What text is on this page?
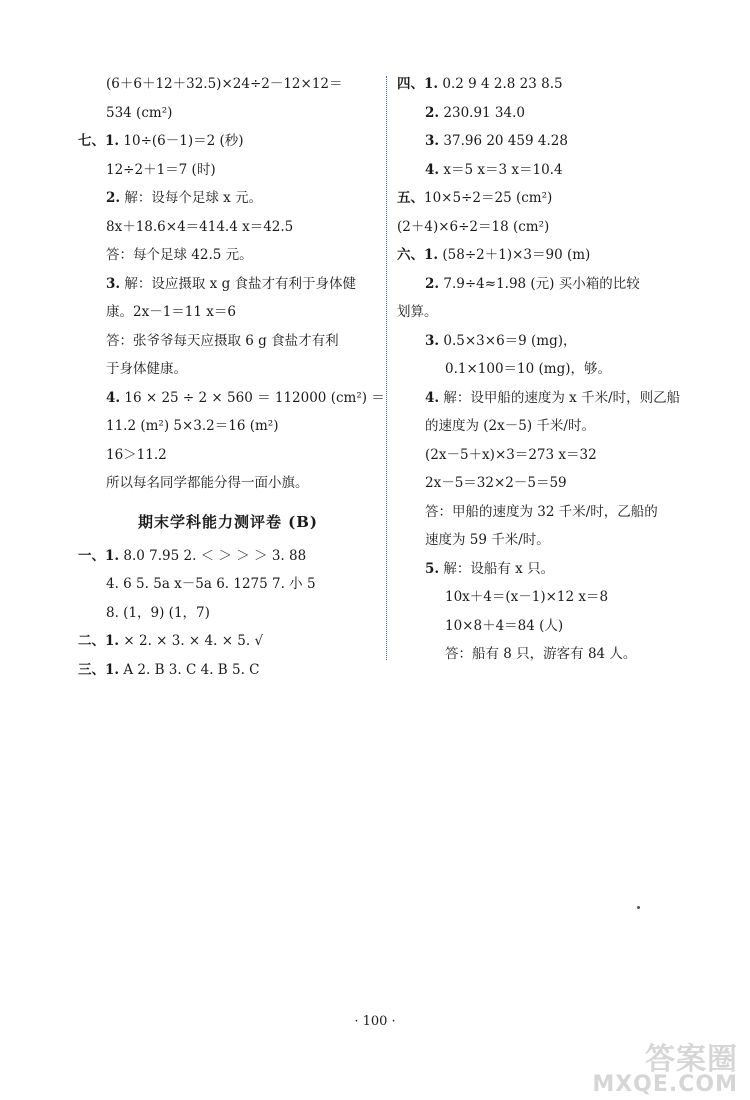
(6＋6＋12＋32.5)×24÷2－12×12＝
534 (cm²)
七、1. 10÷(6－1)＝2 (秒)
12÷2＋1＝7 (时)
2. 解：设每个足球 x 元。
8x＋18.6×4＝414.4 x＝42.5
答：每个足球 42.5 元。
3. 解：设应摄取 x g 食盐才有利于身体健
康。2x－1＝11 x＝6
答：张爷爷每天应摄取 6 g 食盐才有利
于身体健康。
4. 16 × 25 ÷ 2 × 560 ＝ 112000 (cm²) ＝
11.2 (m²) 5×3.2＝16 (m²)
16＞11.2
所以每名同学都能分得一面小旗。
期末学科能力测评卷 (B)
一、1. 8.0 7.95 2. ＜ ＞ ＞ ＞ 3. 88
4. 6 5. 5a x－5a 6. 1275 7. 小 5
8. (1，9) (1，7)
二、1. × 2. × 3. × 4. × 5. √
三、1. A 2. B 3. C 4. B 5. C
四、1. 0.2 9 4 2.8 23 8.5
2. 230.91 34.0
3. 37.96 20 459 4.28
4. x＝5 x＝3 x＝10.4
五、10×5÷2＝25 (cm²)
(2＋4)×6÷2＝18 (cm²)
六、1. (58÷2＋1)×3＝90 (m)
2. 7.9÷4≈1.98 (元) 买小箱的比较
划算。
3. 0.5×3×6＝9 (mg)，
0.1×100＝10 (mg)，够。
4. 解：设甲船的速度为 x 千米/时，则乙船
的速度为 (2x－5) 千米/时。
(2x－5＋x)×3＝273 x＝32
2x－5＝32×2－5＝59
答：甲船的速度为 32 千米/时，乙船的
速度为 59 千米/时。
5. 解：设船有 x 只。
10x＋4＝(x－1)×12 x＝8
10×8＋4＝84 (人)
答：船有 8 只，游客有 84 人。
· 100 ·
答案圈
MXQE.COM
